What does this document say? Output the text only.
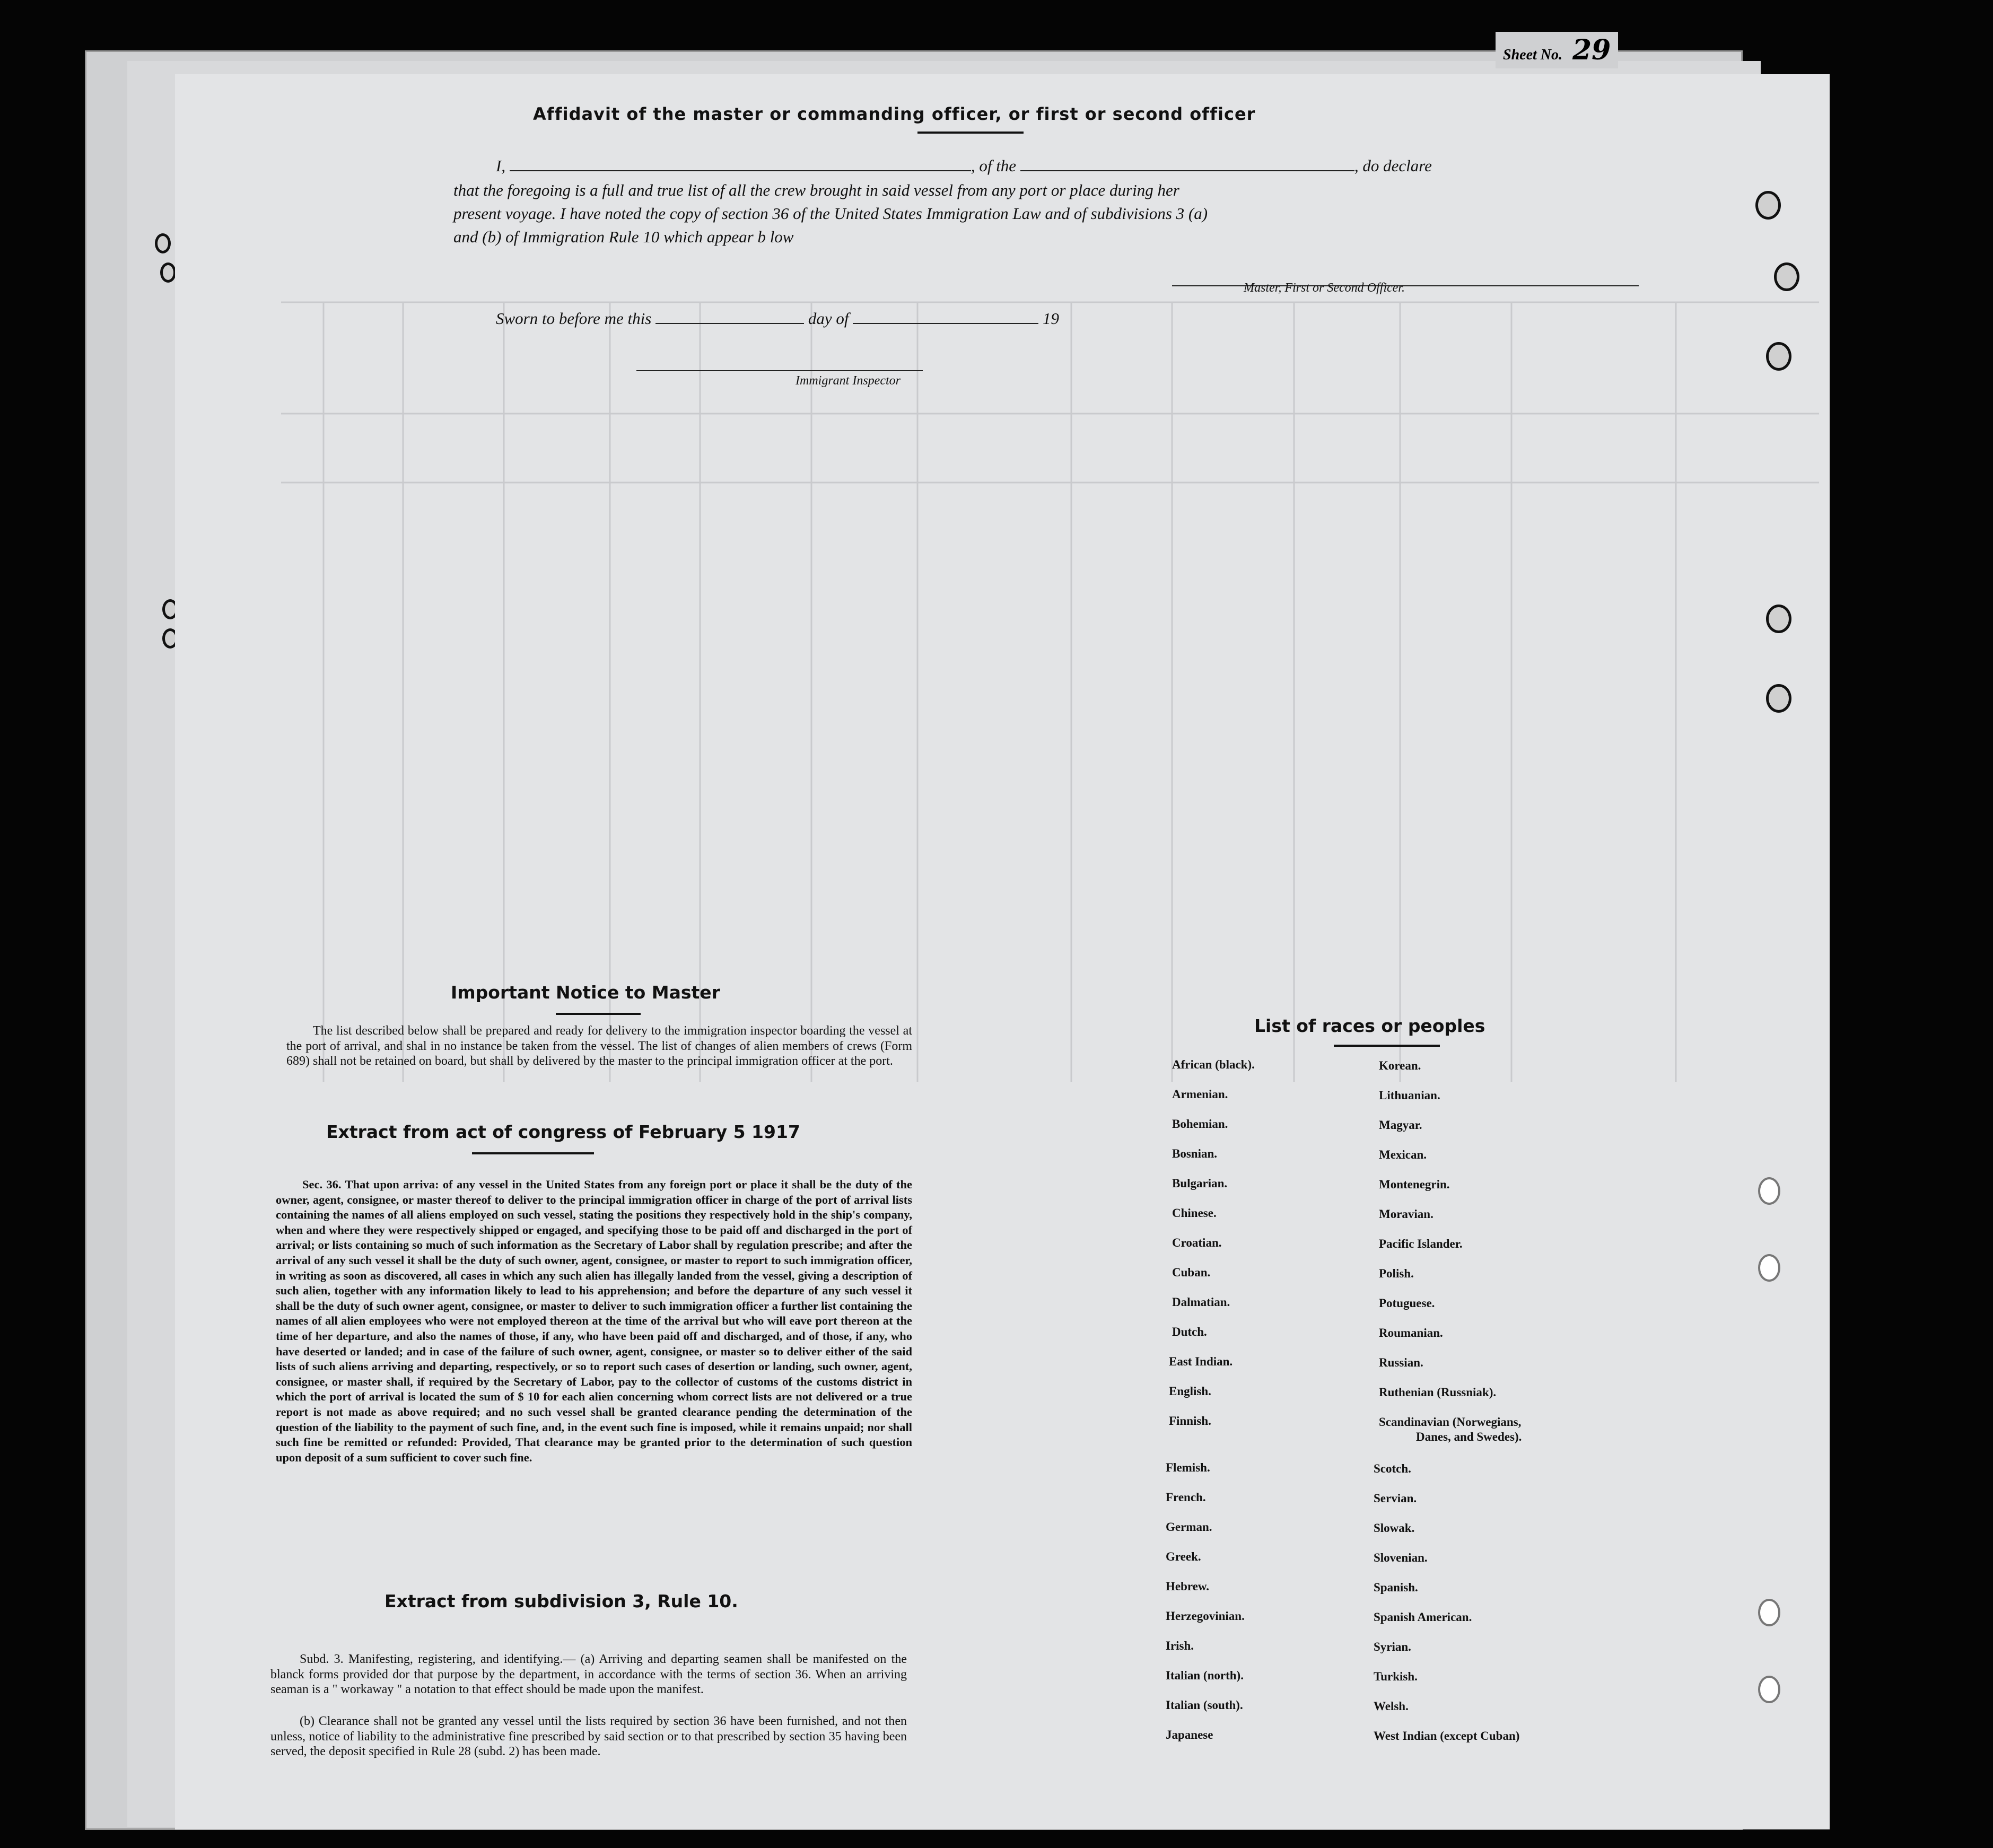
Sheet No. 29
Affidavit of the master or commanding officer, or first or second officer
I,	, of the	, do declare
that the foregoing is a full and true list of all the crew brought in said vessel from any port or place during her
present voyage. I have noted the copy of section 36 of the United States Immigration Law and of subdivisions 3 (a)
and (b) of Immigration Rule 10 which appear b low
Master, First or Second Officer.
Sworn to before me this	day of	19
Immigrant Inspector
Important Notice to Master
The list described below shall be prepared and ready for delivery to the immigration inspector boarding the vessel at the port of arrival, and shal in no instance be taken from the vessel. The list of changes of alien members of crews (Form 689) shall not be retained on board, but shall by delivered by the master to the principal immigration officer at the port.
Extract from act of congress of February 5 1917
Sec. 36. That upon arriva: of any vessel in the United States from any foreign port or place it shall be the duty of the owner, agent, consignee, or master thereof to deliver to the principal immigration officer in charge of the port of arrival lists containing the names of all aliens employed on such vessel, stating the positions they respectively hold in the ship's company, when and where they were respectively shipped or engaged, and specifying those to be paid off and discharged in the port of arrival; or lists containing so much of such information as the Secretary of Labor shall by regulation prescribe; and after the arrival of any such vessel it shall be the duty of such owner, agent, consignee, or master to report to such immigration officer, in writing as soon as discovered, all cases in which any such alien has illegally landed from the vessel, giving a description of such alien, together with any information likely to lead to his apprehension; and before the departure of any such vessel it shall be the duty of such owner agent, consignee, or master to deliver to such immigration officer a further list containing the names of all alien employees who were not employed thereon at the time of the arrival but who will eave port thereon at the time of her departure, and also the names of those, if any, who have been paid off and discharged, and of those, if any, who have deserted or landed; and in case of the failure of such owner, agent, consignee, or master so to deliver either of the said lists of such aliens arriving and departing, respectively, or so to report such cases of desertion or landing, such owner, agent, consignee, or master shall, if required by the Secretary of Labor, pay to the collector of customs of the customs district in which the port of arrival is located the sum of $ 10 for each alien concerning whom correct lists are not delivered or a true report is not made as above required; and no such vessel shall be granted clearance pending the determination of the question of the liability to the payment of such fine, and, in the event such fine is imposed, while it remains unpaid; nor shall such fine be remitted or refunded: Provided, That clearance may be granted prior to the determination of such question upon deposit of a sum sufficient to cover such fine.
Extract from subdivision 3, Rule 10.
Subd. 3. Manifesting, registering, and identifying.— (a) Arriving and departing seamen shall be manifested on the blanck forms provided dor that purpose by the department, in accordance with the terms of section 36. When an arriving seaman is a " workaway " a notation to that effect should be made upon the manifest.
(b) Clearance shall not be granted any vessel until the lists required by section 36 have been furnished, and not then unless, notice of liability to the administrative fine prescribed by said section or to that prescribed by section 35 having been served, the deposit specified in Rule 28 (subd. 2) has been made.
List of races or peoples
African (black).
Armenian.
Bohemian.
Bosnian.
Bulgarian.
Chinese.
Croatian.
Cuban.
Dalmatian.
Dutch.
East Indian.
English.
Finnish.
Flemish.
French.
German.
Greek.
Hebrew.
Herzegovinian.
Irish.
Italian (north).
Italian (south).
Japanese
Korean.
Lithuanian.
Magyar.
Mexican.
Montenegrin.
Moravian.
Pacific Islander.
Polish.
Potuguese.
Roumanian.
Russian.
Ruthenian (Russniak).
Scandinavian (Norwegians,
Danes, and Swedes).
Scotch.
Servian.
Slowak.
Slovenian.
Spanish.
Spanish American.
Syrian.
Turkish.
Welsh.
West Indian (except Cuban)
